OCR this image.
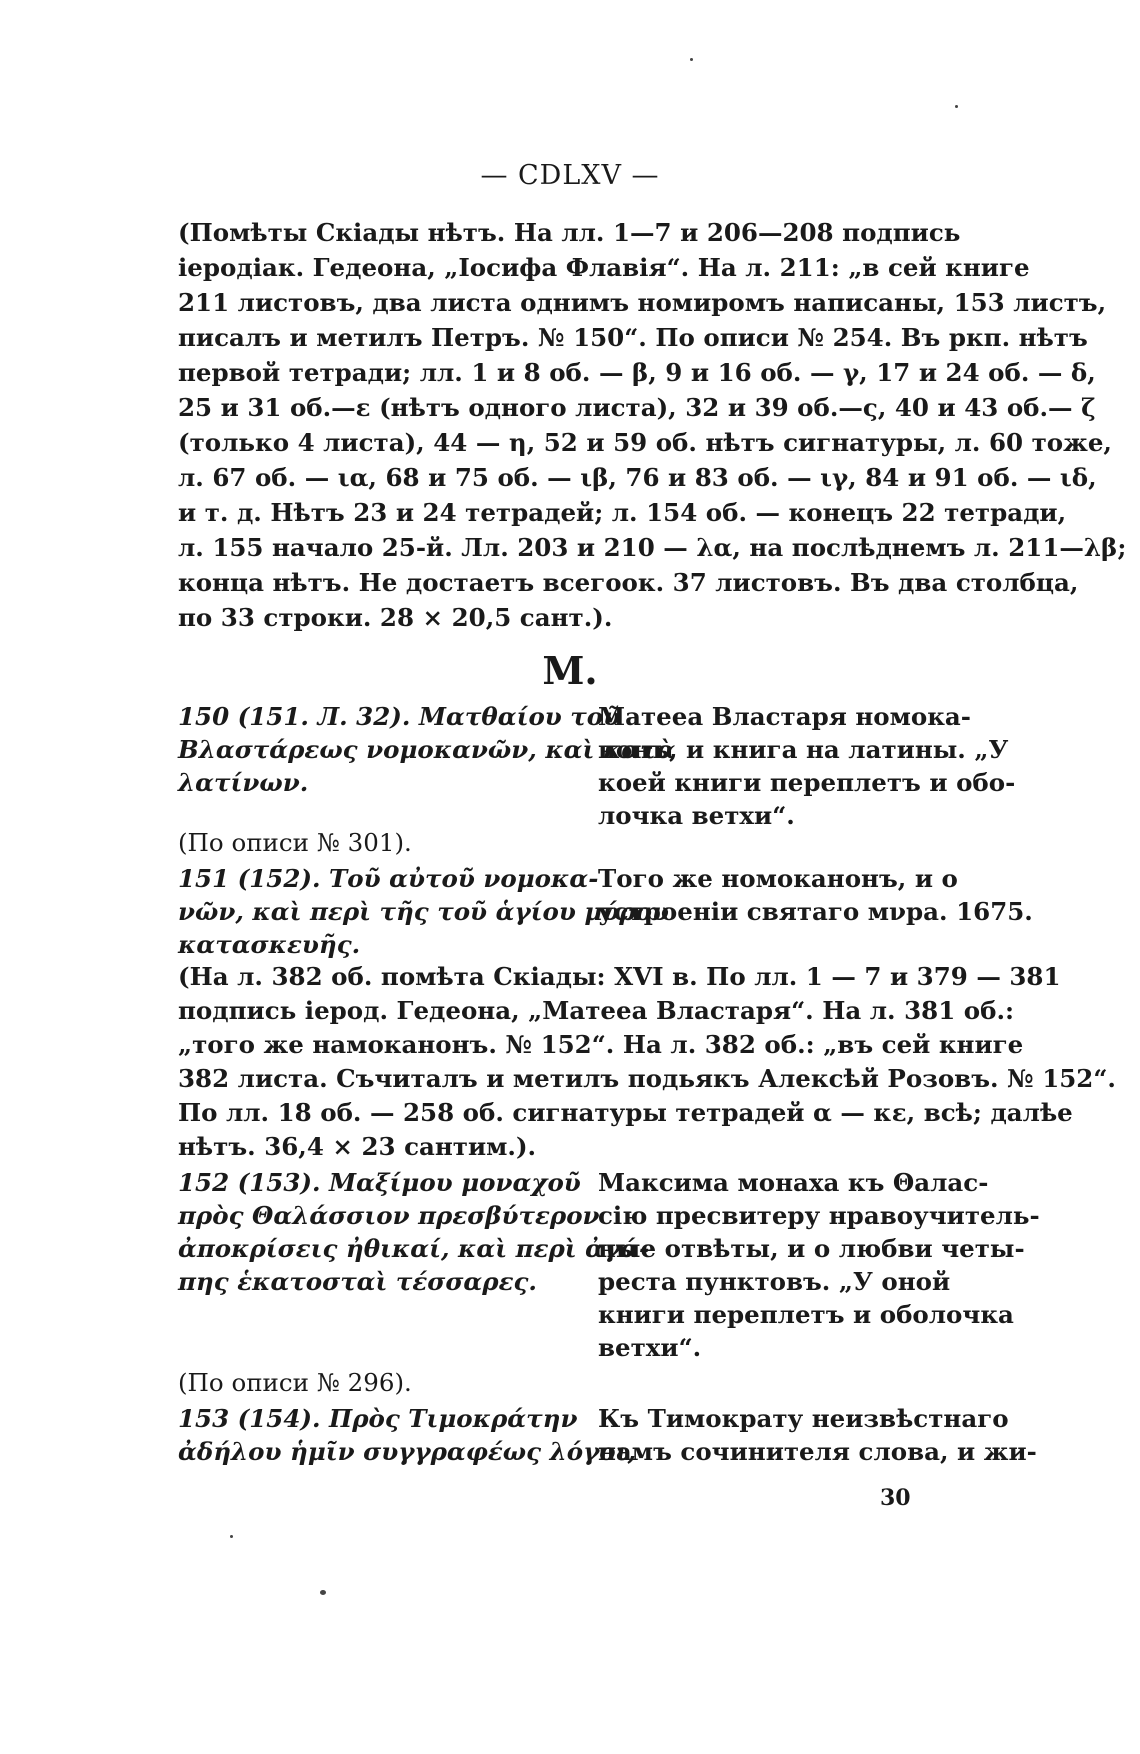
— CDLXV —
(Помѣты Скіады нѣтъ. На лл. 1—7 и 206—208 подпись
іеродіак. Гедеона, „Іосифа Флавія“. На л. 211: „в сей книге
211 листовъ, два листа однимъ номиромъ написаны, 153 листъ,
писалъ и метилъ Петръ. № 150“. По описи № 254. Въ ркп. нѣтъ
первой тетради; лл. 1 и 8 об. — β, 9 и 16 об. — γ, 17 и 24 об. — δ,
25 и 31 об.—ε (нѣтъ одного листа), 32 и 39 об.—ς, 40 и 43 об.— ζ
(только 4 листа), 44 — η, 52 и 59 об. нѣтъ сигнатуры, л. 60 тоже,
л. 67 об. — ια, 68 и 75 об. — ιβ, 76 и 83 об. — ιγ, 84 и 91 об. — ιδ,
и т. д. Нѣтъ 23 и 24 тетрадей; л. 154 об. — конецъ 22 тетради,
л. 155 начало 25-й. Лл. 203 и 210 — λα, на послѣднемъ л. 211—λβ;
конца нѣтъ. Не достаетъ всегоок. 37 листовъ. Въ два столбца,
по 33 строки. 28 × 20,5 сант.).
M.
150 (151. Л. 32). Ματθαίου τοῦ
Βλαστάρεως νομοκανῶν, καὶ κατὰ
λατίνων.
Матееа Властаря номока-
нонъ, и книга на латины. „У
коей книги переплетъ и обо-
лочка ветхи“.
(По описи № 301).
151 (152). Τοῦ αὐτοῦ νομοκα-
νῶν, καὶ περὶ τῆς τοῦ ἁγίου μύρου
κατασκευῆς.
Того же номоканонъ, и о
устроеніи святаго мνра. 1675.
(На л. 382 об. помѣта Скіады: XVI в. По лл. 1 — 7 и 379 — 381
подпись іерод. Гедеона, „Матееа Властаря“. На л. 381 об.:
„того же намоканонъ. № 152“. На л. 382 об.: „въ сей книге
382 листа. Съчиталъ и метилъ подьякъ Алексѣй Розовъ. № 152“.
По лл. 18 об. — 258 об. сигнатуры тетрадей α — κε, всѣ; далѣе
нѣтъ. 36,4 × 23 сантим.).
152 (153). Μαξίμου μοναχοῦ
πρὸς Θαλάσσιον πρεσβύτερον
ἀποκρίσεις ἠθικαί, καὶ περὶ ἀγά-
πης ἑκατοσταὶ τέσσαρες.
Максима монаха къ Θалас-
сію пресвитеру нравоучитель-
ные отвѣты, и о любви четы-
реста пунктовъ. „У оной
книги переплетъ и оболочка
ветхи“.
(По описи № 296).
153 (154). Πρὸς Τιμοκράτην
ἀδήλου ἡμῖν συγγραφέως λόγοι,
Къ Тимократу неизвѣстнаго
намъ сочинителя слова, и жи-
30
